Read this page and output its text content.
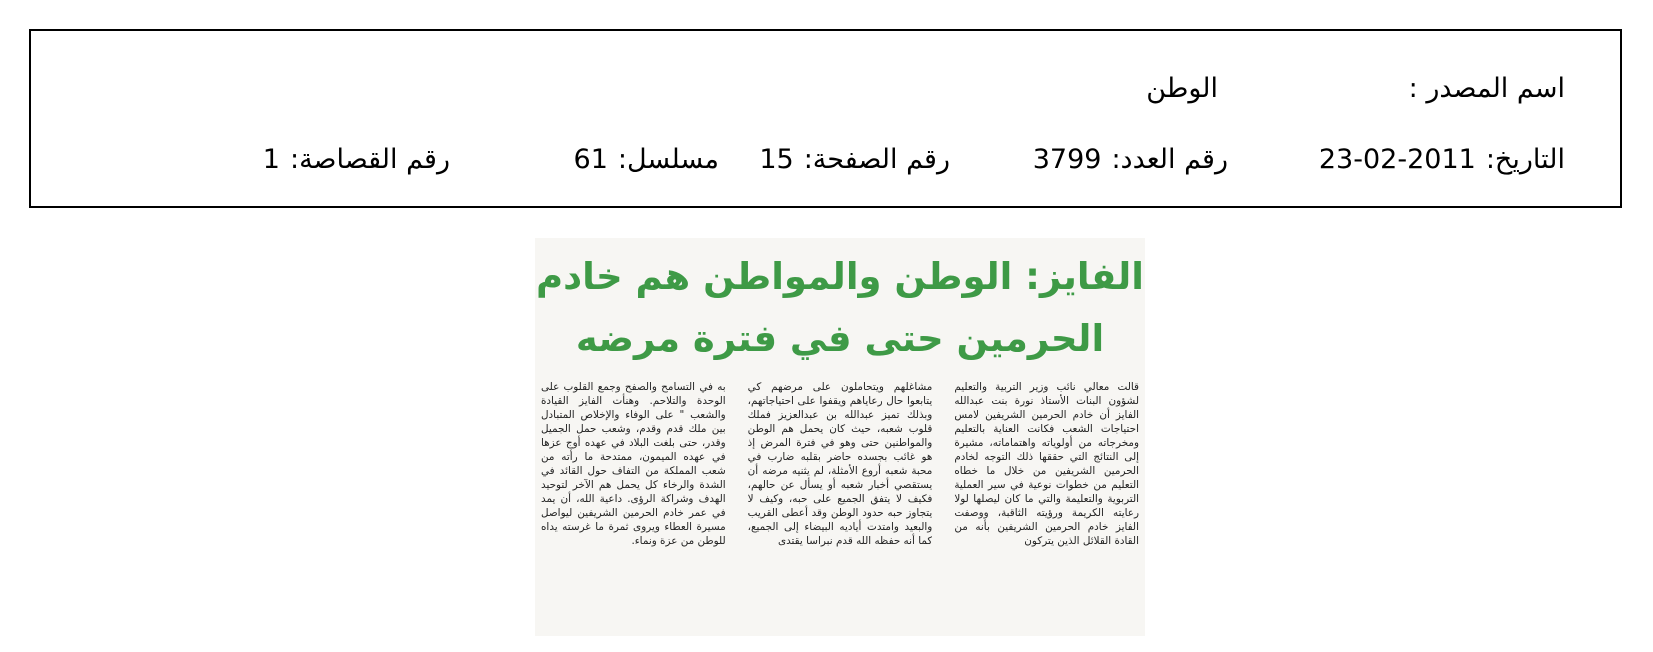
اسم المصدر :
الوطن
التاريخ:2011-02-23
رقم العدد:3799
رقم الصفحة:15
مسلسل:61
رقم القصاصة:1
الفايز: الوطن والمواطن هم خادم
الحرمين حتى في فترة مرضه

قالت معالي نائب وزير التربية والتعليم لشؤون البنات الأستاذ نورة بنت عبدالله الفايز أن خادم الحرمين الشريفين لامس احتياجات الشعب فكانت العناية بالتعليم ومخرجاته من أولوياته واهتماماته، مشيرة إلى النتائج التي حققها ذلك التوجه لخادم الحرمين الشريفين من خلال ما خطاه التعليم من خطوات نوعية في سير العملية التربوية والتعليمة والتي ما كان ليصلها لولا رعايته الكريمة ورؤيته الثاقبة، ووصفت الفايز خادم الحرمين الشريفين بأنه من القادة القلائل الذين يتركون

مشاغلهم ويتحاملون على مرضهم كي يتابعوا حال رعاياهم ويقفوا على احتياجاتهم، وبذلك تميز عبدالله بن عبدالعزيز فملك قلوب شعبه، حيث كان يحمل هم الوطن والمواطنين حتى وهو في فترة المرض إذ هو غائب بجسده حاضر بقلبه ضارب في محبة شعبه أروع الأمثلة، لم يثنيه مرضه أن يستقصي أخبار شعبه أو يسأل عن حالهم، فكيف لا يتفق الجميع على حبه، وكيف لا يتجاوز حبه حدود الوطن وقد أعطى القريب والبعيد وامتدت أياديه البيضاء إلى الجميع، كما أنه حفظه الله قدم نبراسا يقتدى

به في التسامح والصفح وجمع القلوب على الوحدة والتلاحم. وهنأت الفايز القيادة والشعب " على الوفاء والإخلاص المتبادل بين ملك قدم وقدم، وشعب حمل الجميل وقدر، حتى بلغت البلاد في عهده أوج عزها في عهده الميمون، ممتدحة ما رأته من شعب المملكة من التفاف حول القائد في الشدة والرخاء كل يحمل هم الآخر لتوحيد الهدف وشراكة الرؤى. داعية الله، أن يمد في عمر خادم الحرمين الشريفين ليواصل مسيرة العطاء ويروى ثمرة ما غرسته يداه للوطن من عزة ونماء.
